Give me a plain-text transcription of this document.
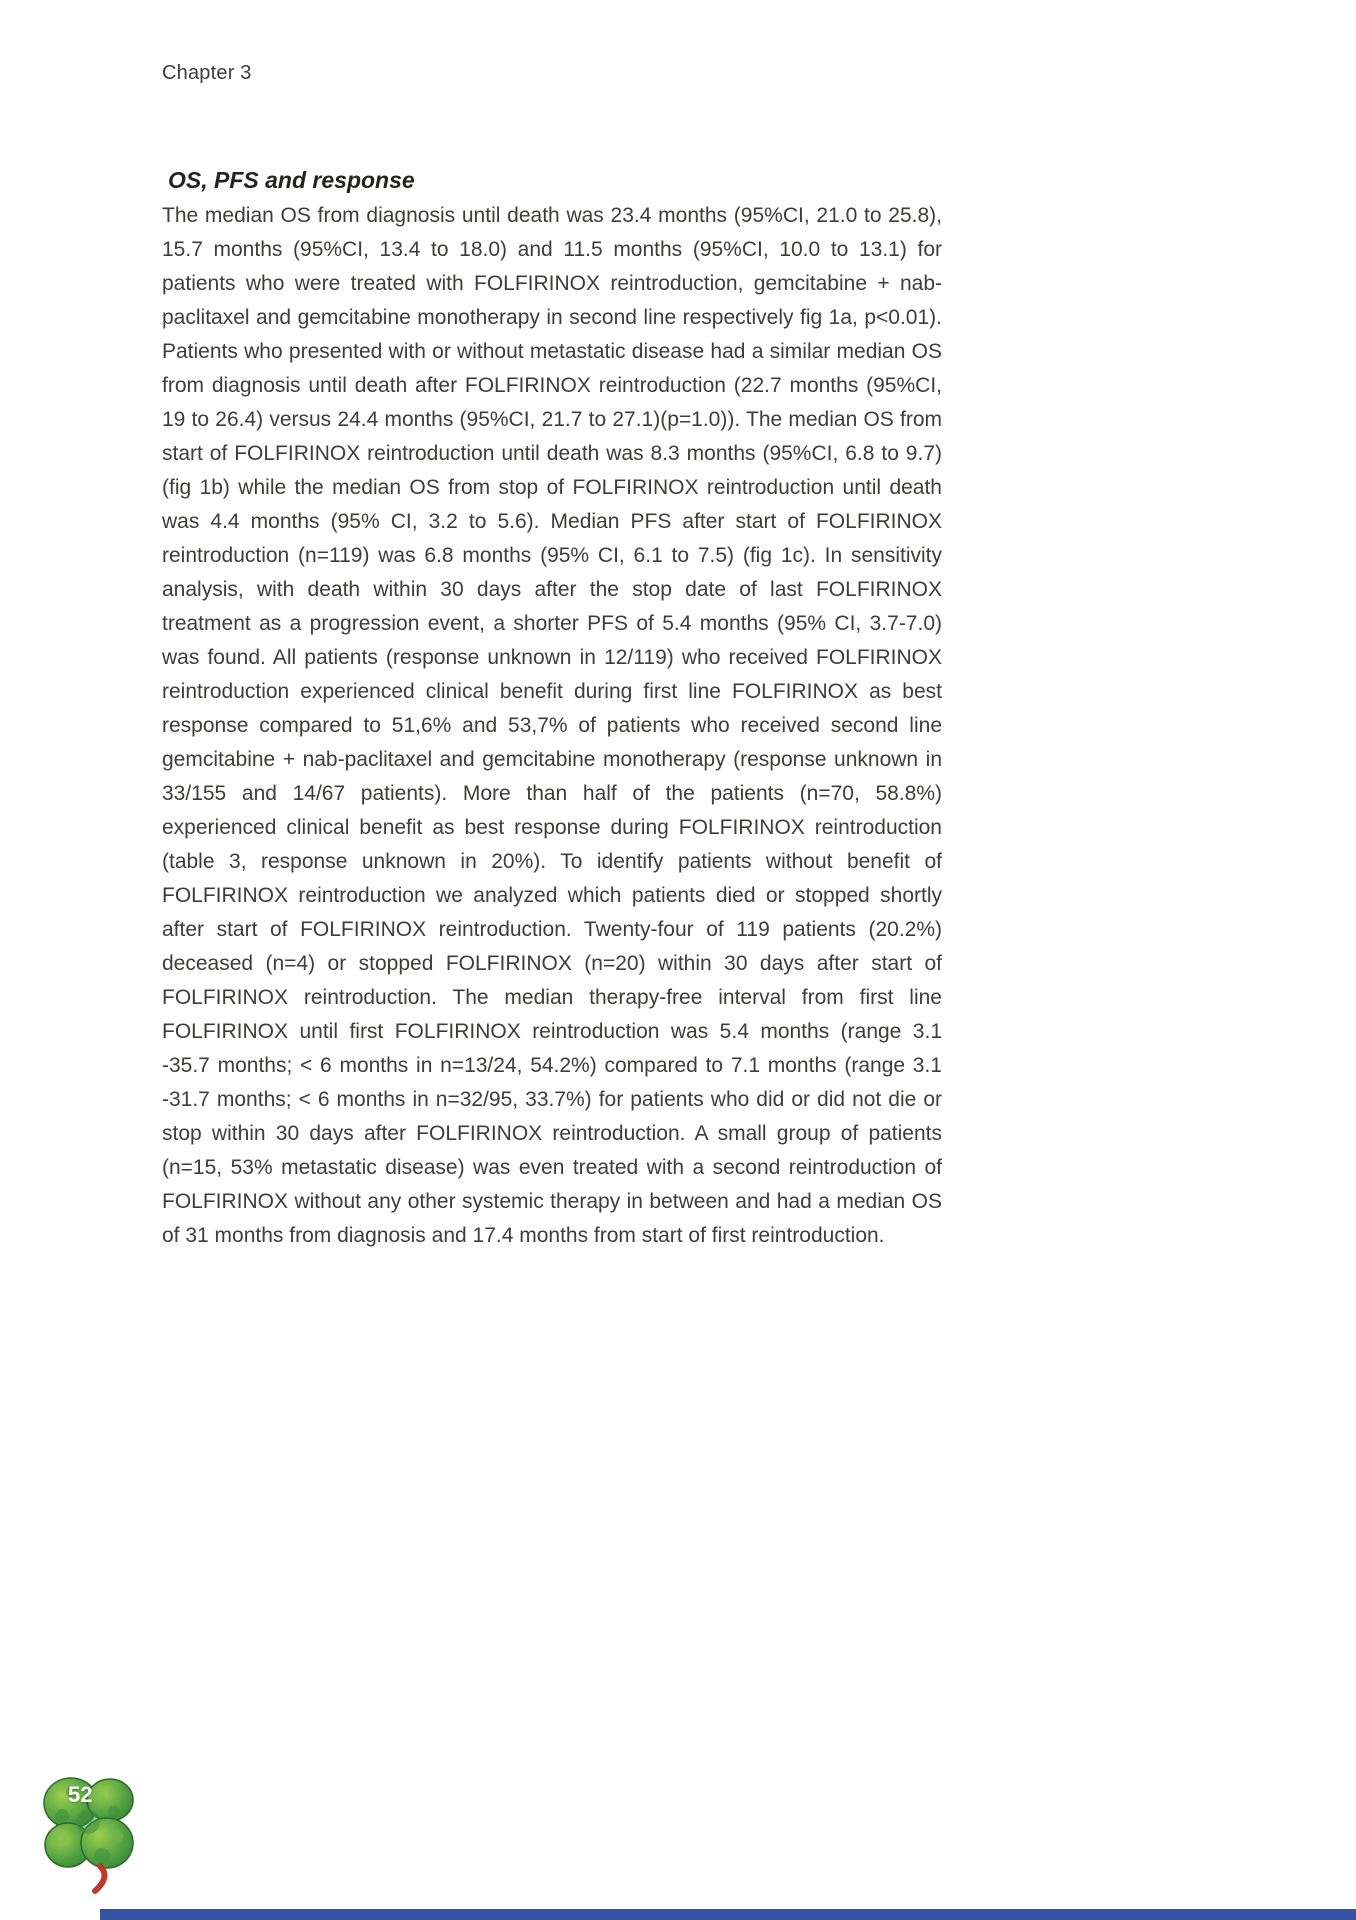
Chapter 3
OS, PFS and response
The median OS from diagnosis until death was 23.4 months (95%CI, 21.0 to 25.8), 15.7 months (95%CI, 13.4 to 18.0) and 11.5 months (95%CI, 10.0 to 13.1) for patients who were treated with FOLFIRINOX reintroduction, gemcitabine + nab-paclitaxel and gemcitabine monotherapy in second line respectively fig 1a, p<0.01). Patients who presented with or without metastatic disease had a similar median OS from diagnosis until death after FOLFIRINOX reintroduction (22.7 months (95%CI, 19 to 26.4) versus 24.4 months (95%CI, 21.7 to 27.1)(p=1.0)). The median OS from start of FOLFIRINOX reintroduction until death was 8.3 months (95%CI, 6.8 to 9.7)(fig 1b) while the median OS from stop of FOLFIRINOX reintroduction until death was 4.4 months (95% CI, 3.2 to 5.6). Median PFS after start of FOLFIRINOX reintroduction (n=119) was 6.8 months (95% CI, 6.1 to 7.5) (fig 1c). In sensitivity analysis, with death within 30 days after the stop date of last FOLFIRINOX treatment as a progression event, a shorter PFS of 5.4 months (95% CI, 3.7-7.0) was found. All patients (response unknown in 12/119) who received FOLFIRINOX reintroduction experienced clinical benefit during first line FOLFIRINOX as best response compared to 51,6% and 53,7% of patients who received second line gemcitabine + nab-paclitaxel and gemcitabine monotherapy (response unknown in 33/155 and 14/67 patients). More than half of the patients (n=70, 58.8%) experienced clinical benefit as best response during FOLFIRINOX reintroduction (table 3, response unknown in 20%). To identify patients without benefit of FOLFIRINOX reintroduction we analyzed which patients died or stopped shortly after start of FOLFIRINOX reintroduction. Twenty-four of 119 patients (20.2%) deceased (n=4) or stopped FOLFIRINOX (n=20) within 30 days after start of FOLFIRINOX reintroduction. The median therapy-free interval from first line FOLFIRINOX until first FOLFIRINOX reintroduction was 5.4 months (range 3.1 -35.7 months; < 6 months in n=13/24, 54.2%) compared to 7.1 months (range 3.1 -31.7 months; < 6 months in n=32/95, 33.7%) for patients who did or did not die or stop within 30 days after FOLFIRINOX reintroduction. A small group of patients (n=15, 53% metastatic disease) was even treated with a second reintroduction of FOLFIRINOX without any other systemic therapy in between and had a median OS of 31 months from diagnosis and 17.4 months from start of first reintroduction.
52
